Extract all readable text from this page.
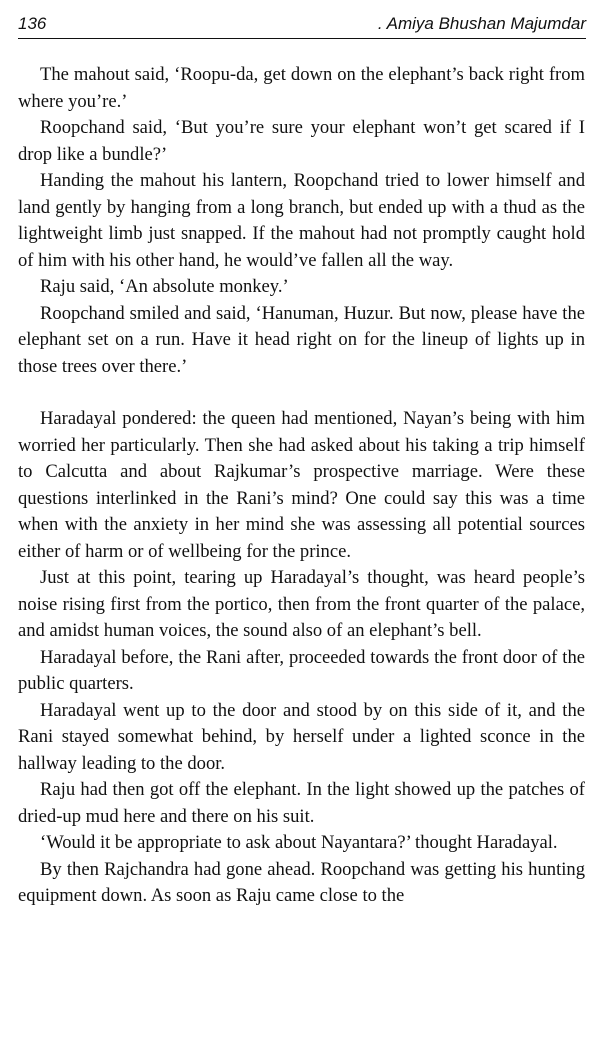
136	. Amiya Bhushan Majumdar

The mahout said, ‘Roopu-da, get down on the elephant’s back right from where you’re.’

Roopchand said, ‘But you’re sure your elephant won’t get scared if I drop like a bundle?’

Handing the mahout his lantern, Roopchand tried to lower himself and land gently by hanging from a long branch, but ended up with a thud as the lightweight limb just snapped. If the mahout had not promptly caught hold of him with his other hand, he would’ve fallen all the way.

Raju said, ‘An absolute monkey.’

Roopchand smiled and said, ‘Hanuman, Huzur. But now, please have the elephant set on a run. Have it head right on for the lineup of lights up in those trees over there.’

Haradayal pondered: the queen had mentioned, Nayan’s being with him worried her particularly. Then she had asked about his taking a trip himself to Calcutta and about Rajkumar’s prospective marriage. Were these questions interlinked in the Rani’s mind? One could say this was a time when with the anxiety in her mind she was assessing all potential sources either of harm or of wellbeing for the prince.

Just at this point, tearing up Haradayal’s thought, was heard people’s noise rising first from the portico, then from the front quarter of the palace, and amidst human voices, the sound also of an elephant’s bell.

Haradayal before, the Rani after, proceeded towards the front door of the public quarters.

Haradayal went up to the door and stood by on this side of it, and the Rani stayed somewhat behind, by herself under a lighted sconce in the hallway leading to the door.

Raju had then got off the elephant. In the light showed up the patches of dried-up mud here and there on his suit.

‘Would it be appropriate to ask about Nayantara?’ thought Haradayal.

By then Rajchandra had gone ahead. Roopchand was getting his hunting equipment down. As soon as Raju came close to the
